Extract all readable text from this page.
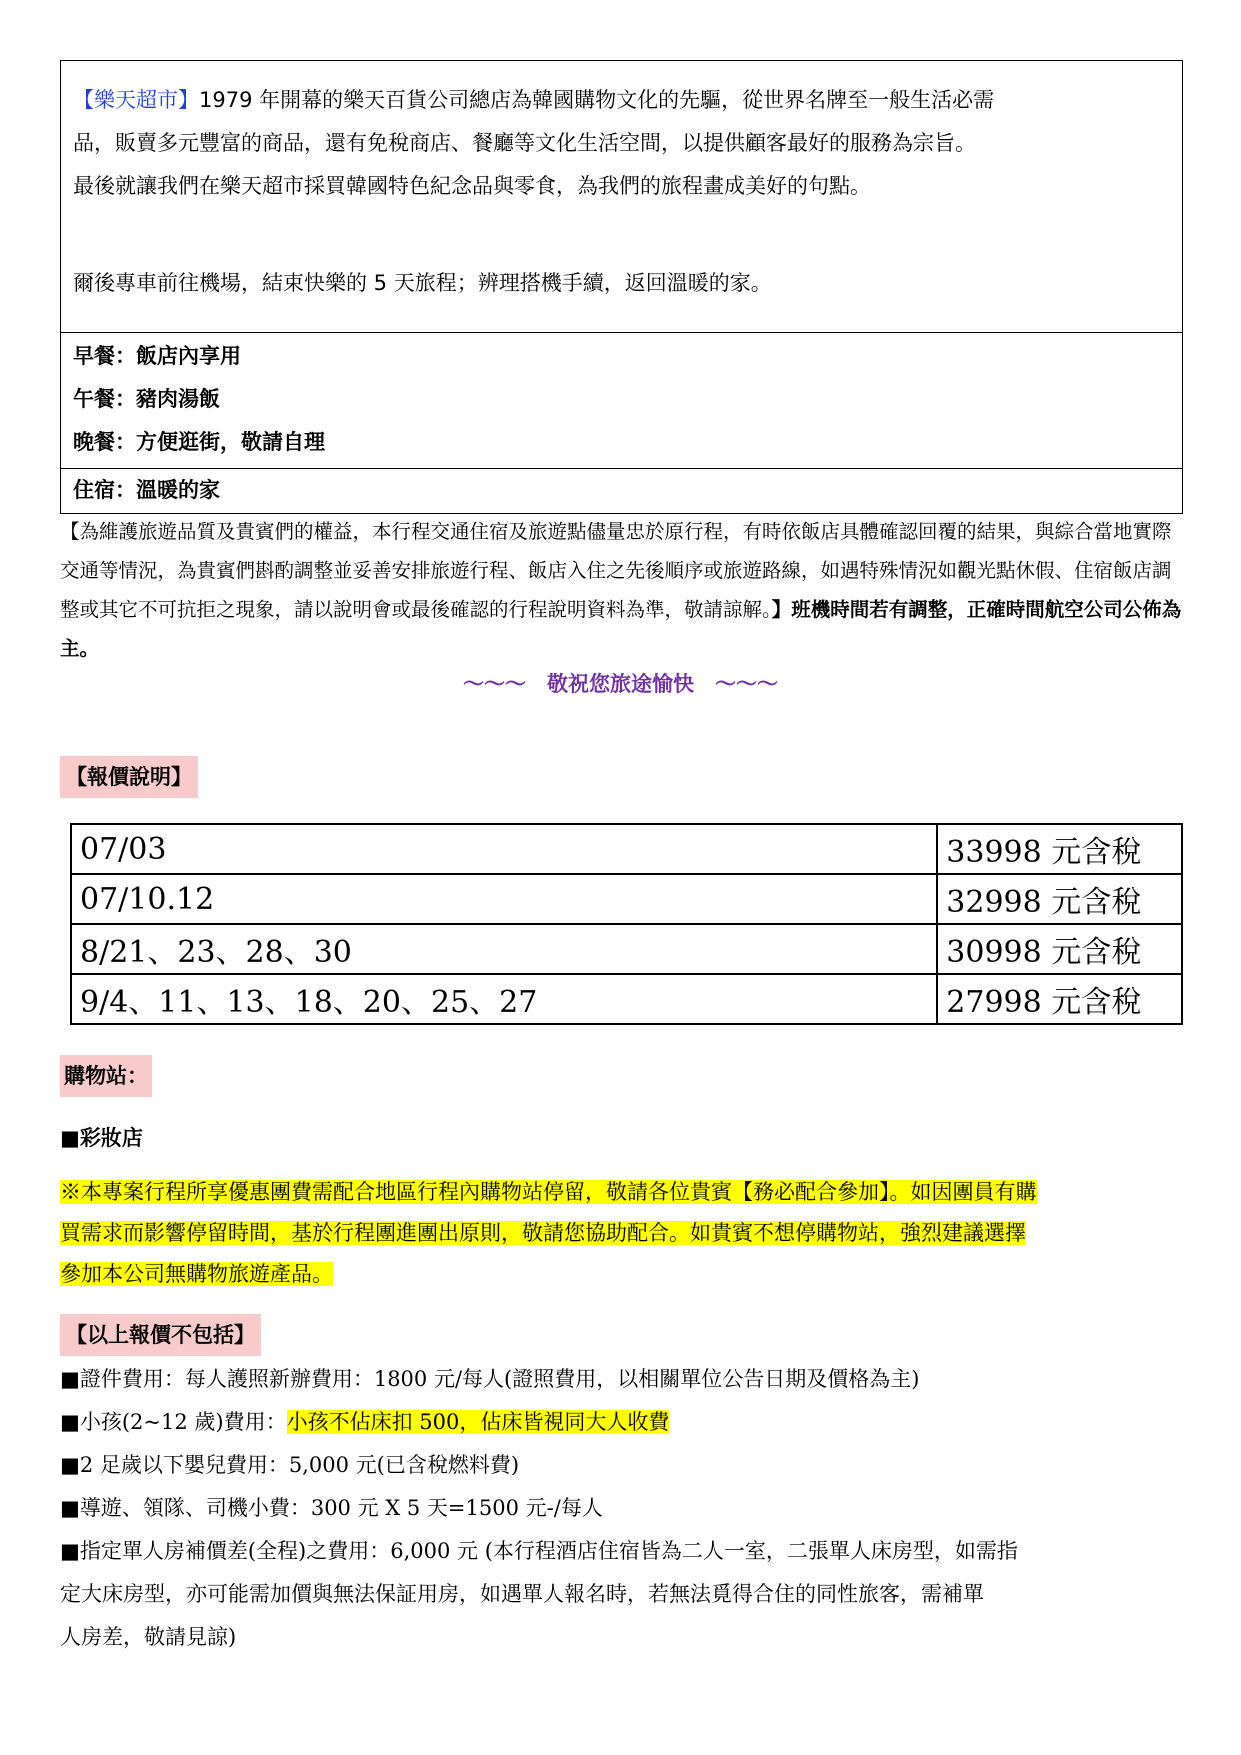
【樂天超市】1979 年開幕的樂天百貨公司總店為韓國購物文化的先驅，從世界名牌至一般生活必需
品，販賣多元豐富的商品，還有免稅商店、餐廳等文化生活空間，以提供顧客最好的服務為宗旨。
最後就讓我們在樂天超市採買韓國特色紀念品與零食，為我們的旅程畫成美好的句點。
爾後專車前往機場，結束快樂的 5 天旅程；辨理搭機手續，返回溫暖的家。
早餐：飯店內享用
午餐：豬肉湯飯
晚餐：方便逛街，敬請自理
住宿：溫暖的家
【為維護旅遊品質及貴賓們的權益，本行程交通住宿及旅遊點儘量忠於原行程，有時依飯店具體確認回覆的結果，與綜合當地實際交通等情況，為貴賓們斟酌調整並妥善安排旅遊行程、飯店入住之先後順序或旅遊路線，如遇特殊情況如觀光點休假、住宿飯店調整或其它不可抗拒之現象，請以說明會或最後確認的行程說明資料為準，敬請諒解。】班機時間若有調整，正確時間航空公司公佈為主。
～～～　敬祝您旅途愉快　～～～
【報價說明】
07/03	33998 元含稅
07/10.12	32998 元含稅
8/21、23、28、30	30998 元含稅
9/4、11、13、18、20、25、27	27998 元含稅
購物站：
■彩妝店
※本專案行程所享優惠團費需配合地區行程內購物站停留，敬請各位貴賓【務必配合參加】。如因團員有購
買需求而影響停留時間，基於行程團進團出原則，敬請您協助配合。如貴賓不想停購物站，強烈建議選擇
參加本公司無購物旅遊產品。
【以上報價不包括】
■證件費用：每人護照新辦費用：1800 元/每人(證照費用，以相關單位公告日期及價格為主)
■小孩(2~12 歲)費用：小孩不佔床扣 500，佔床皆視同大人收費
■2 足歲以下嬰兒費用：5,000 元(已含稅燃料費)
■導遊、領隊、司機小費：300 元 X 5 天=1500 元-/每人
■指定單人房補價差(全程)之費用：6,000 元 (本行程酒店住宿皆為二人一室，二張單人床房型，如需指
定大床房型，亦可能需加價與無法保証用房，如遇單人報名時，若無法覓得合住的同性旅客，需補單
人房差，敬請見諒)
